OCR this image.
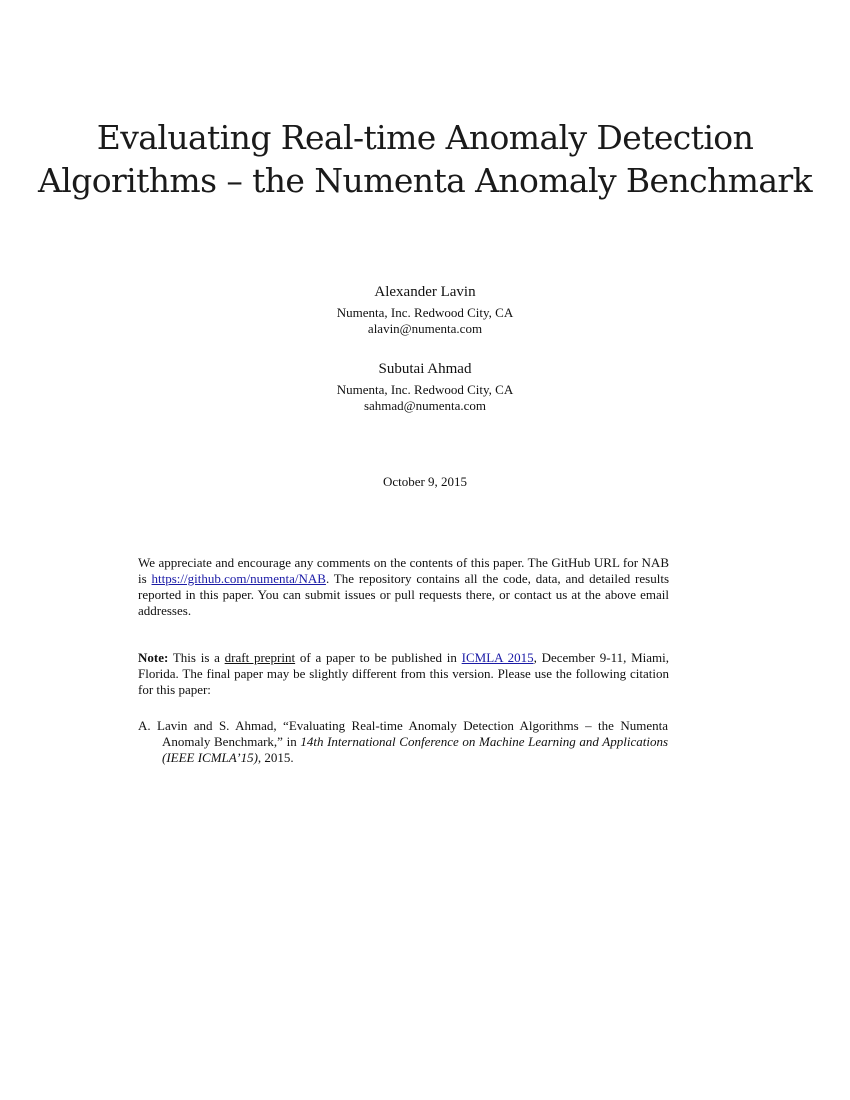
Evaluating Real-time Anomaly Detection
Algorithms – the Numenta Anomaly Benchmark
Alexander Lavin
Numenta, Inc. Redwood City, CA
alavin@numenta.com
Subutai Ahmad
Numenta, Inc. Redwood City, CA
sahmad@numenta.com
October 9, 2015
We appreciate and encourage any comments on the contents of this paper. The GitHub URL for NAB is https://github.com/numenta/NAB. The repository contains all the code, data, and detailed results reported in this paper. You can submit issues or pull requests there, or contact us at the above email addresses.
Note: This is a draft preprint of a paper to be published in ICMLA 2015, December 9-11, Miami, Florida. The final paper may be slightly different from this version. Please use the following citation for this paper:
A. Lavin and S. Ahmad, “Evaluating Real-time Anomaly Detection Algorithms – the Numenta Anomaly Benchmark,” in 14th International Conference on Machine Learning and Applications (IEEE ICMLA’15), 2015.
